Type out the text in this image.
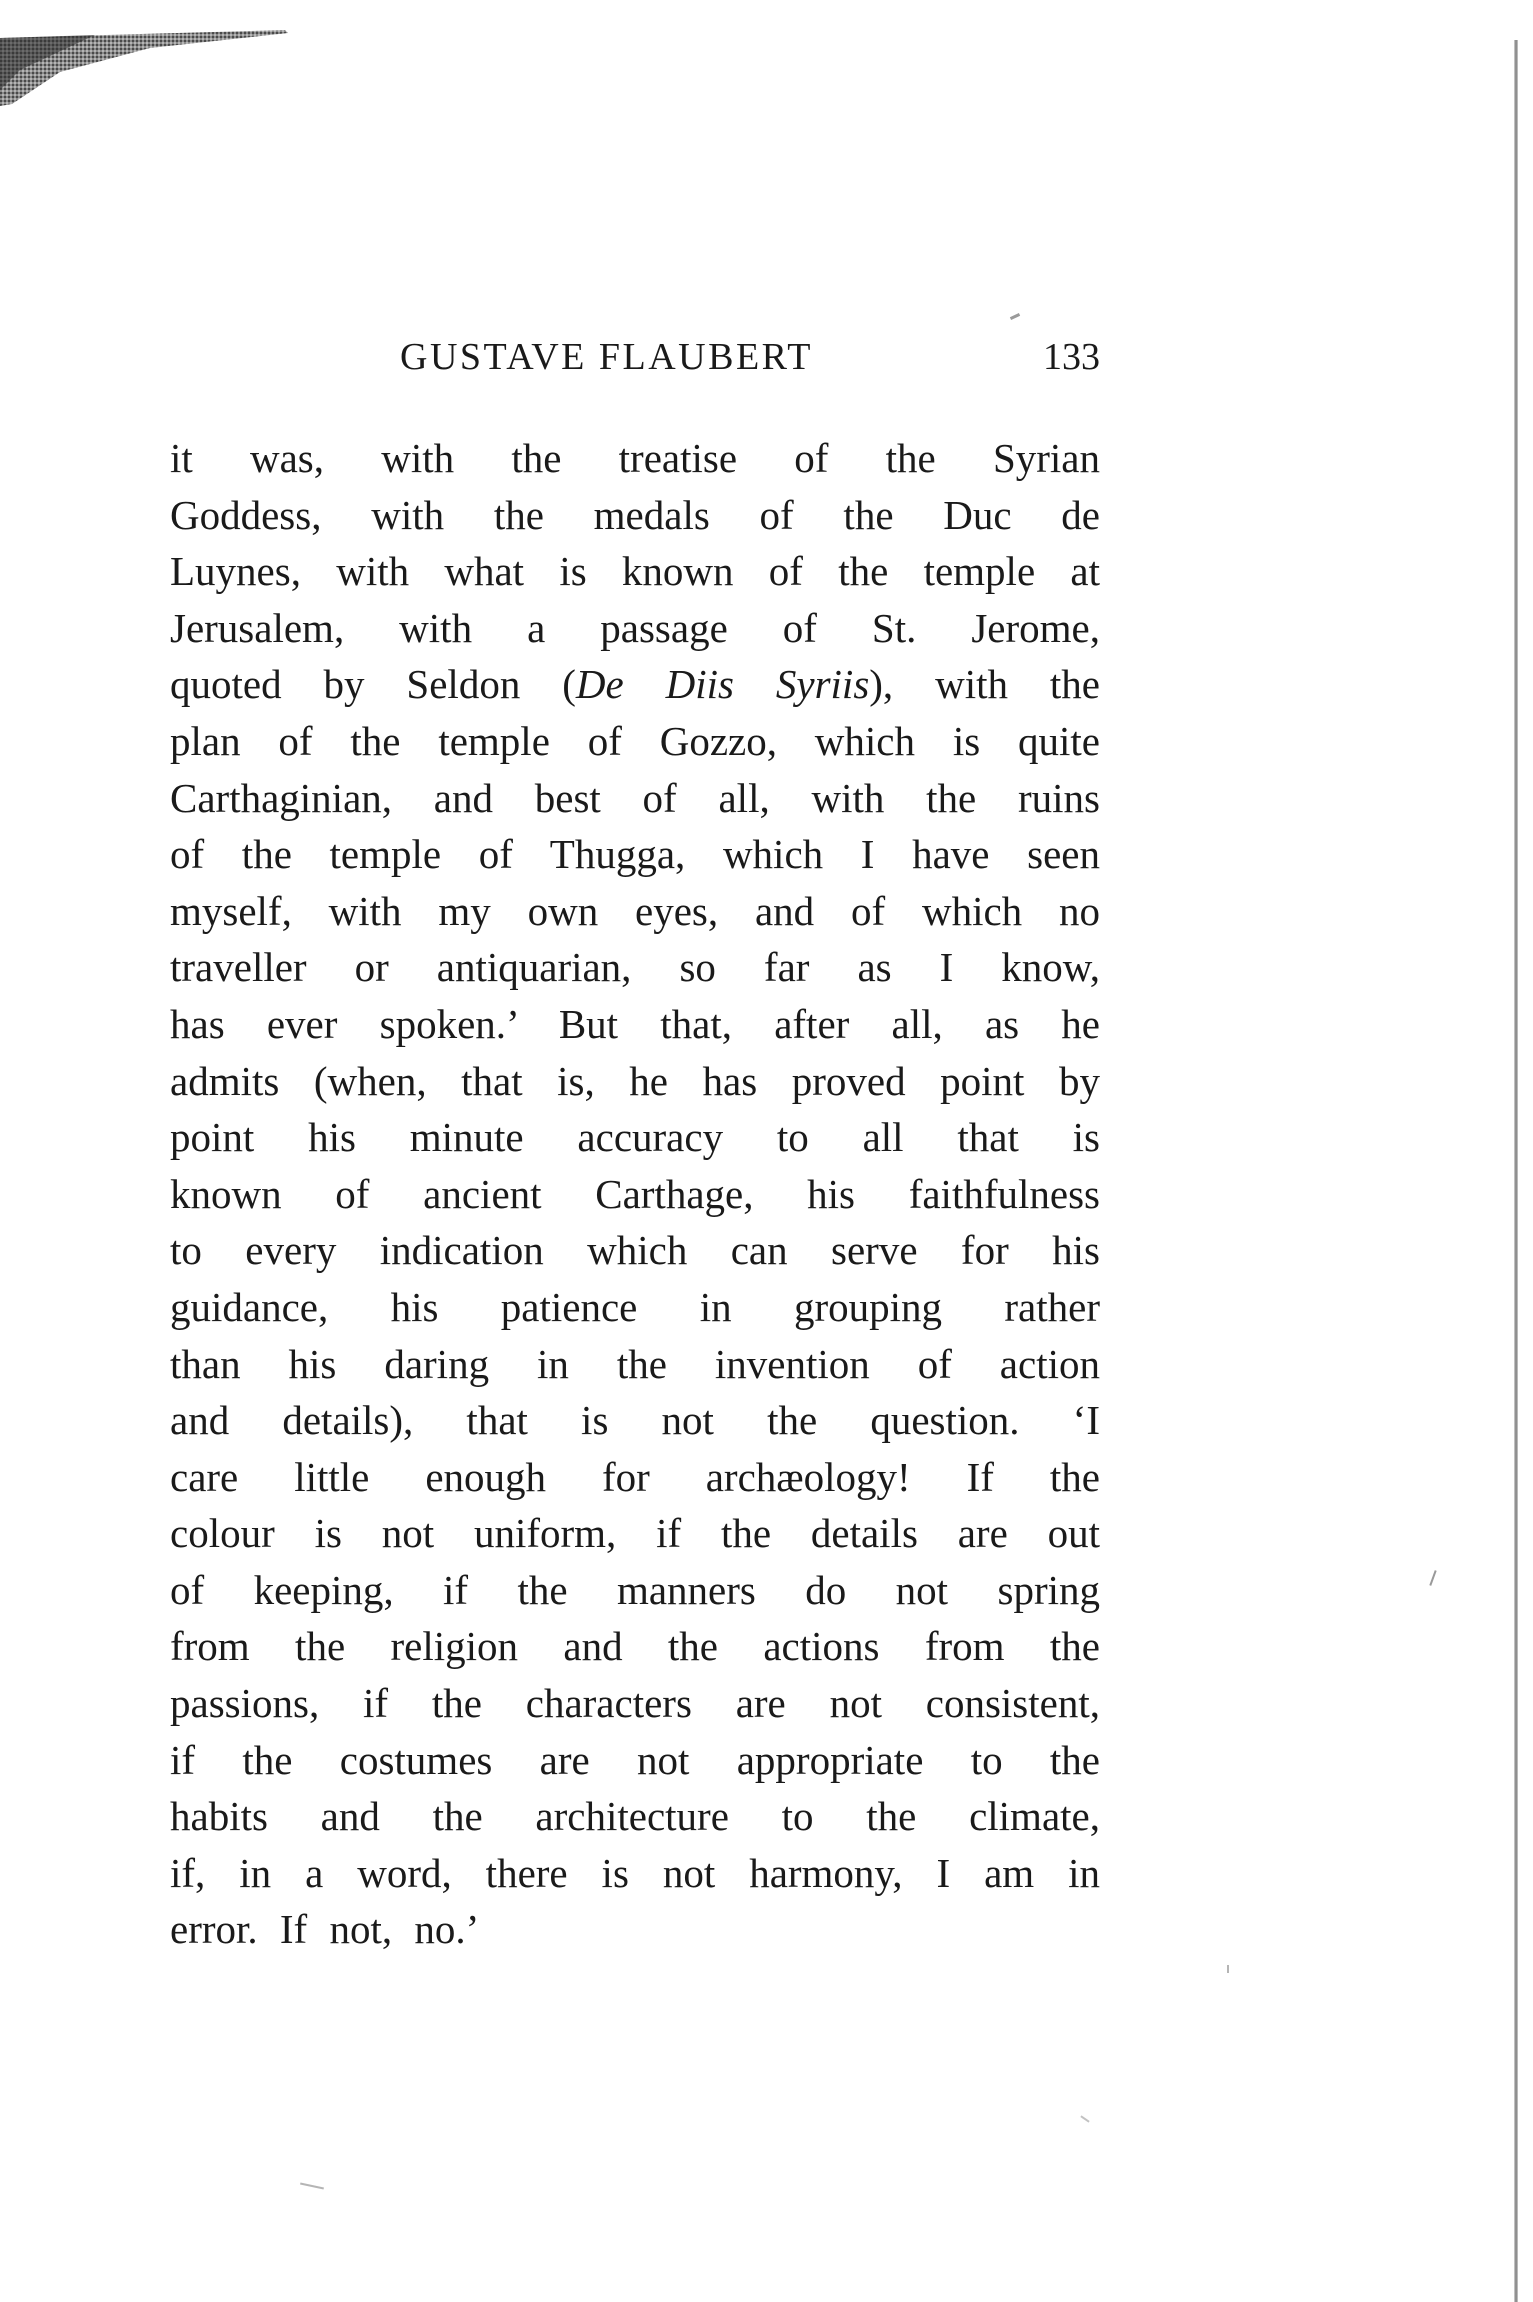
GUSTAVE FLAUBERT	133
it was, with the treatise of the Syrian
Goddess, with the medals of the Duc de
Luynes, with what is known of the temple at
Jerusalem, with a passage of St. Jerome,
quoted by Seldon (De Diis Syriis), with the
plan of the temple of Gozzo, which is quite
Carthaginian, and best of all, with the ruins
of the temple of Thugga, which I have seen
myself, with my own eyes, and of which no
traveller or antiquarian, so far as I know,
has ever spoken.’ But that, after all, as he
admits (when, that is, he has proved point by
point his minute accuracy to all that is
known of ancient Carthage, his faithfulness
to every indication which can serve for his
guidance, his patience in grouping rather
than his daring in the invention of action
and details), that is not the question. ‘I
care little enough for archæology! If the
colour is not uniform, if the details are out
of keeping, if the manners do not spring
from the religion and the actions from the
passions, if the characters are not consistent,
if the costumes are not appropriate to the
habits and the architecture to the climate,
if, in a word, there is not harmony, I am in
error. If not, no.’
